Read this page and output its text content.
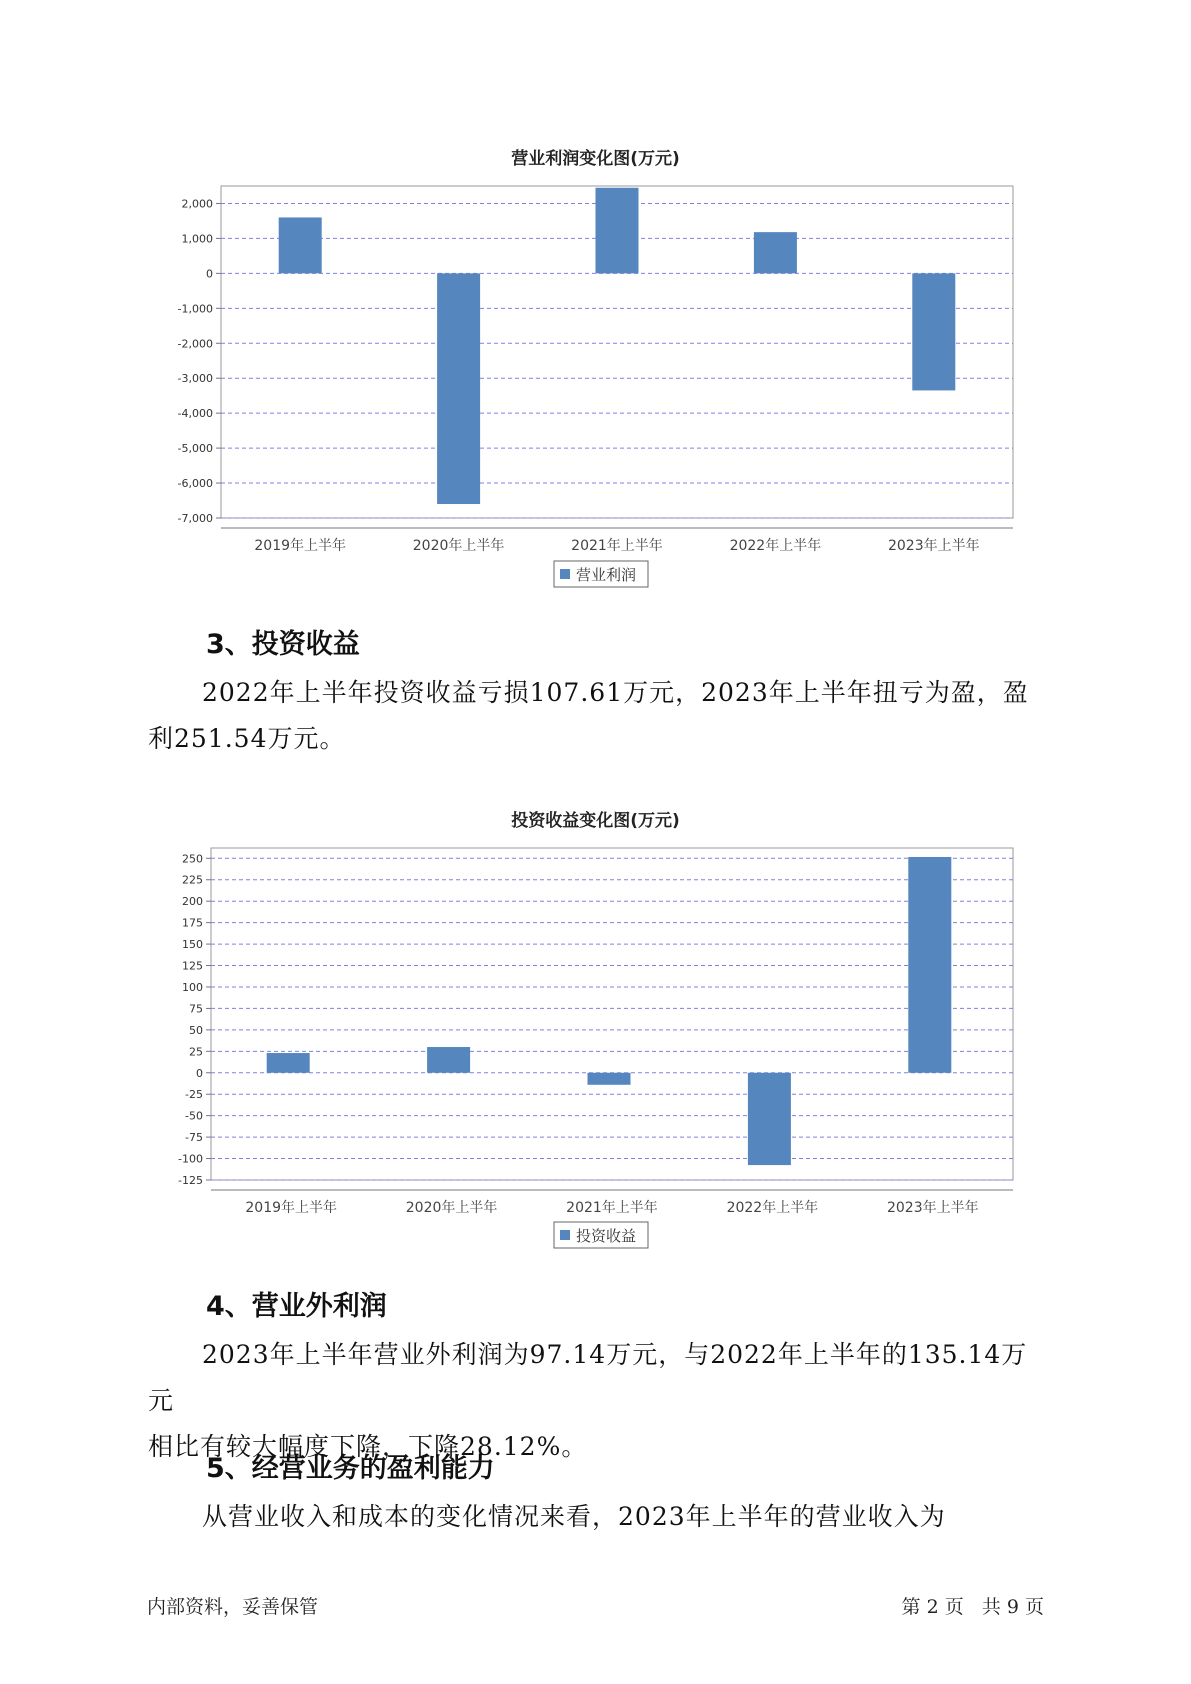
营业利润变化图(万元)
2,000
1,000
0
-1,000
-2,000
-3,000
-4,000
-5,000
-6,000
-7,000
2019年上半年	2020年上半年	2021年上半年	2022年上半年	2023年上半年
营业利润
3、投资收益
2022年上半年投资收益亏损107.61万元，2023年上半年扭亏为盈，盈
利251.54万元。
投资收益变化图(万元)
250
225
200
175
150
125
100
75
50
25
0
-25
-50
-75
-100
-125
2019年上半年	2020年上半年	2021年上半年	2022年上半年	2023年上半年
投资收益
4、营业外利润
2023年上半年营业外利润为97.14万元，与2022年上半年的135.14万元
相比有较大幅度下降，下降28.12%。
5、经营业务的盈利能力
从营业收入和成本的变化情况来看，2023年上半年的营业收入为
内部资料，妥善保管	第 2 页   共 9 页
